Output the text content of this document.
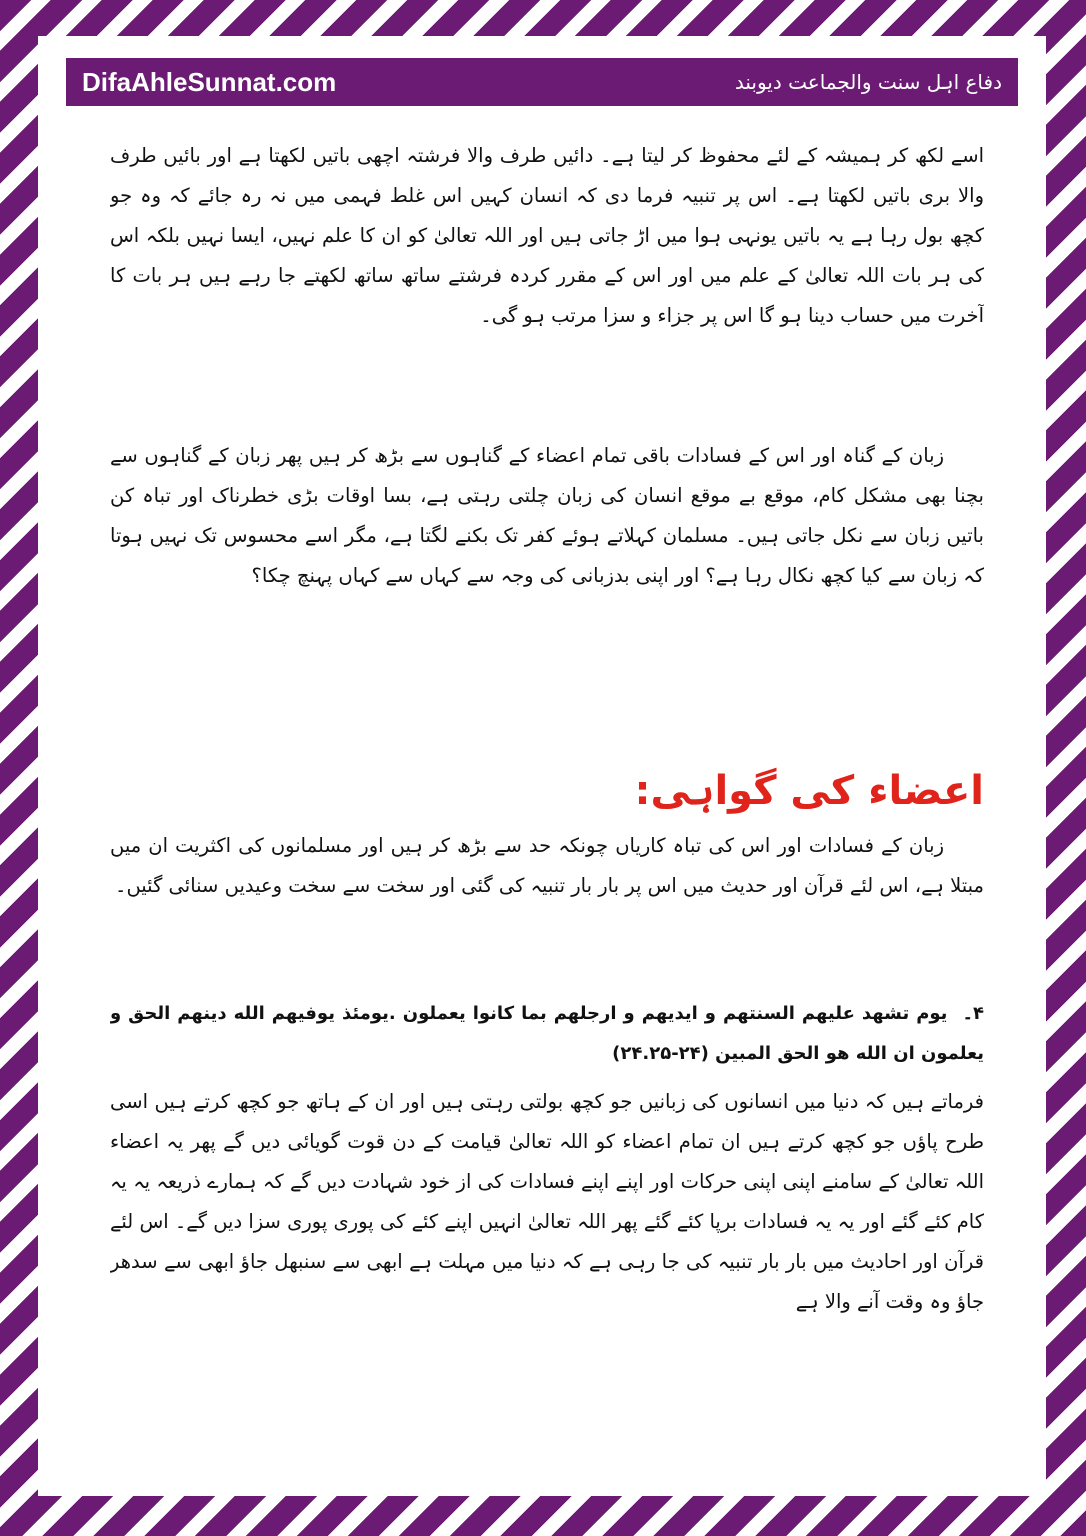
DifaAhleSunnat.com	دفاع اہل سنت والجماعت دیوبند

اسے لکھ کر ہمیشہ کے لئے محفوظ کر لیتا ہے۔ دائیں طرف والا فرشتہ اچھی باتیں لکھتا ہے اور بائیں طرف والا بری باتیں لکھتا ہے۔ اس پر تنبیہ فرما دی کہ انسان کہیں اس غلط فہمی میں نہ رہ جائے کہ وہ جو کچھ بول رہا ہے یہ باتیں یونہی ہوا میں اڑ جاتی ہیں اور اللہ تعالیٰ کو ان کا علم نہیں، ایسا نہیں بلکہ اس کی ہر بات اللہ تعالیٰ کے علم میں اور اس کے مقرر کردہ فرشتے ساتھ ساتھ لکھتے جا رہے ہیں ہر بات کا آخرت میں حساب دینا ہو گا اس پر جزاء و سزا مرتب ہو گی۔

زبان کے گناہ اور اس کے فسادات باقی تمام اعضاء کے گناہوں سے بڑھ کر ہیں پھر زبان کے گناہوں سے بچنا بھی مشکل کام، موقع بے موقع انسان کی زبان چلتی رہتی ہے، بسا اوقات بڑی خطرناک اور تباہ کن باتیں زبان سے نکل جاتی ہیں۔ مسلمان کہلاتے ہوئے کفر تک بکنے لگتا ہے، مگر اسے محسوس تک نہیں ہوتا کہ زبان سے کیا کچھ نکال رہا ہے؟ اور اپنی بدزبانی کی وجہ سے کہاں سے کہاں پہنچ چکا؟

اعضاء کی گواہی:

زبان کے فسادات اور اس کی تباہ کاریاں چونکہ حد سے بڑھ کر ہیں اور مسلمانوں کی اکثریت ان میں مبتلا ہے، اس لئے قرآن اور حدیث میں اس پر بار بار تنبیہ کی گئی اور سخت سے سخت وعیدیں سنائی گئیں۔

۴۔ یوم تشهد علیهم السنتهم و ایدیهم و ارجلهم بما کانوا یعملون .یومئذ یوفیهم الله دینهم الحق و یعلمون ان الله هو الحق المبین (۲۴-۲۴.۲۵)

فرماتے ہیں کہ دنیا میں انسانوں کی زبانیں جو کچھ بولتی رہتی ہیں اور ان کے ہاتھ جو کچھ کرتے ہیں اسی طرح پاؤں جو کچھ کرتے ہیں ان تمام اعضاء کو اللہ تعالیٰ قیامت کے دن قوت گویائی دیں گے پھر یہ اعضاء اللہ تعالیٰ کے سامنے اپنی اپنی حرکات اور اپنے اپنے فسادات کی از خود شہادت دیں گے کہ ہمارے ذریعہ یہ یہ کام کئے گئے اور یہ یہ فسادات برپا کئے گئے پھر اللہ تعالیٰ انہیں اپنے کئے کی پوری پوری سزا دیں گے۔ اس لئے قرآن اور احادیث میں بار بار تنبیہ کی جا رہی ہے کہ دنیا میں مہلت ہے ابھی سے سنبھل جاؤ ابھی سے سدھر جاؤ وہ وقت آنے والا ہے
